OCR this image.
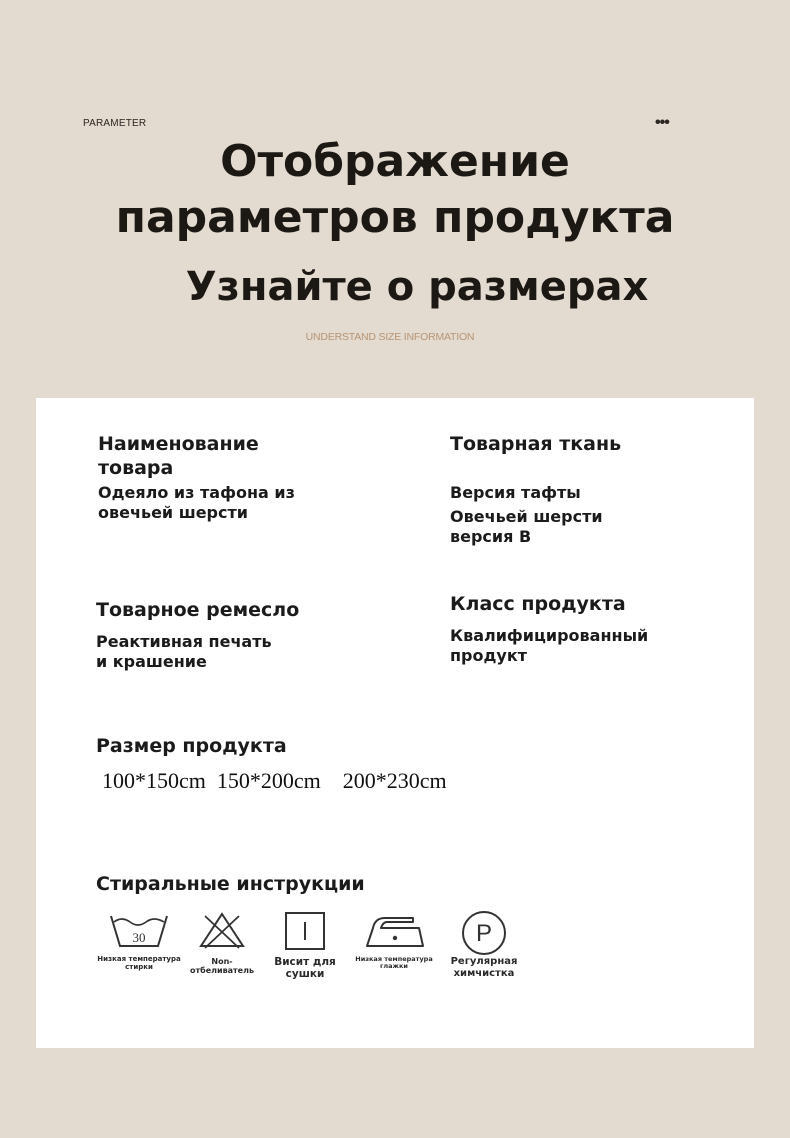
PARAMETER	•••
Отображение
параметров продукта
Узнайте о размерах
UNDERSTAND SIZE INFORMATION
Наименование товара
Одеяло из тафона из овечьей шерсти
Товарная ткань
Версия тафты
Овечьей шерсти версия B
Товарное ремесло
Реактивная печать и крашение
Класс продукта
Квалифицированный продукт
Размер продукта
100*150cm 150*200cm 200*230cm
Стиральные инструкции
30
Низкая температура стирки
Non-отбеливатель
Висит для сушки
Низкая температура глажки
P
Регулярная химчистка
